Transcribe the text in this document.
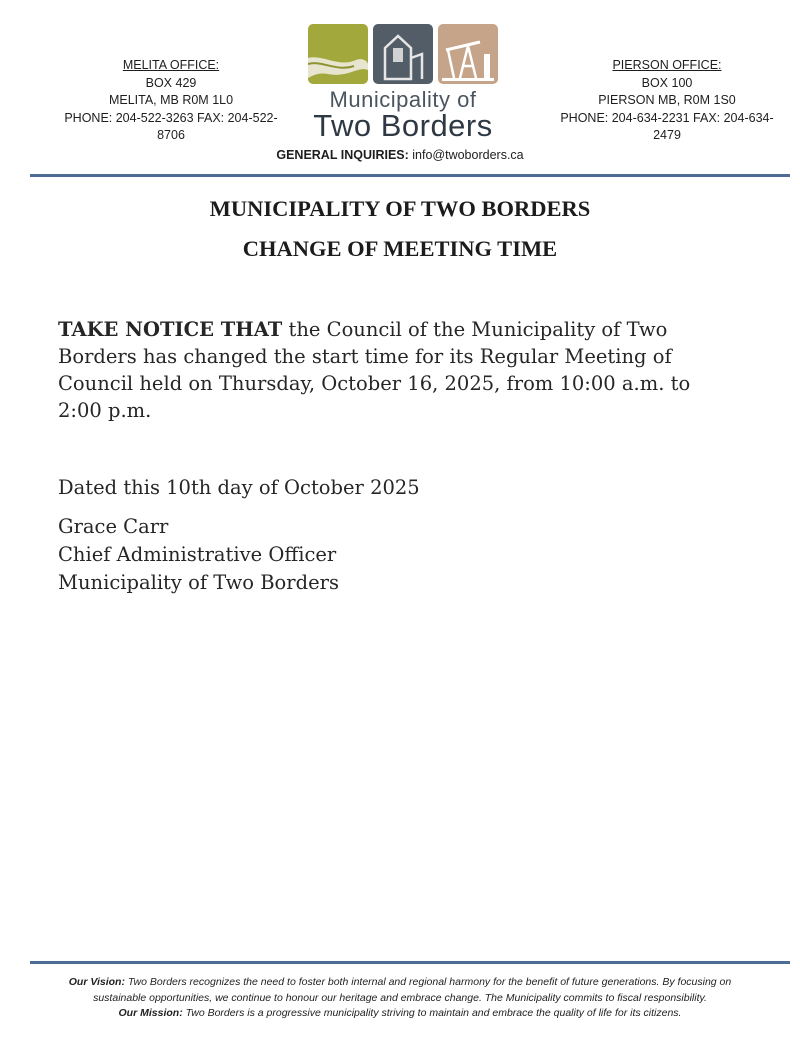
MELITA OFFICE:
BOX 429
MELITA, MB R0M 1L0
PHONE: 204-522-3263 FAX: 204-522-
8706
Municipality of
Two Borders
PIERSON OFFICE:
BOX 100
PIERSON MB, R0M 1S0
PHONE: 204-634-2231 FAX: 204-634-
2479
GENERAL INQUIRIES: info@twoborders.ca
MUNICIPALITY OF TWO BORDERS
CHANGE OF MEETING TIME
TAKE NOTICE THAT the Council of the Municipality of Two
Borders has changed the start time for its Regular Meeting of
Council held on Thursday, October 16, 2025, from 10:00 a.m. to
2:00 p.m.
Dated this 10th day of October 2025
Grace Carr
Chief Administrative Officer
Municipality of Two Borders
Our Vision: Two Borders recognizes the need to foster both internal and regional harmony for the benefit of future generations. By focusing on
sustainable opportunities, we continue to honour our heritage and embrace change. The Municipality commits to fiscal responsibility.
Our Mission: Two Borders is a progressive municipality striving to maintain and embrace the quality of life for its citizens.
